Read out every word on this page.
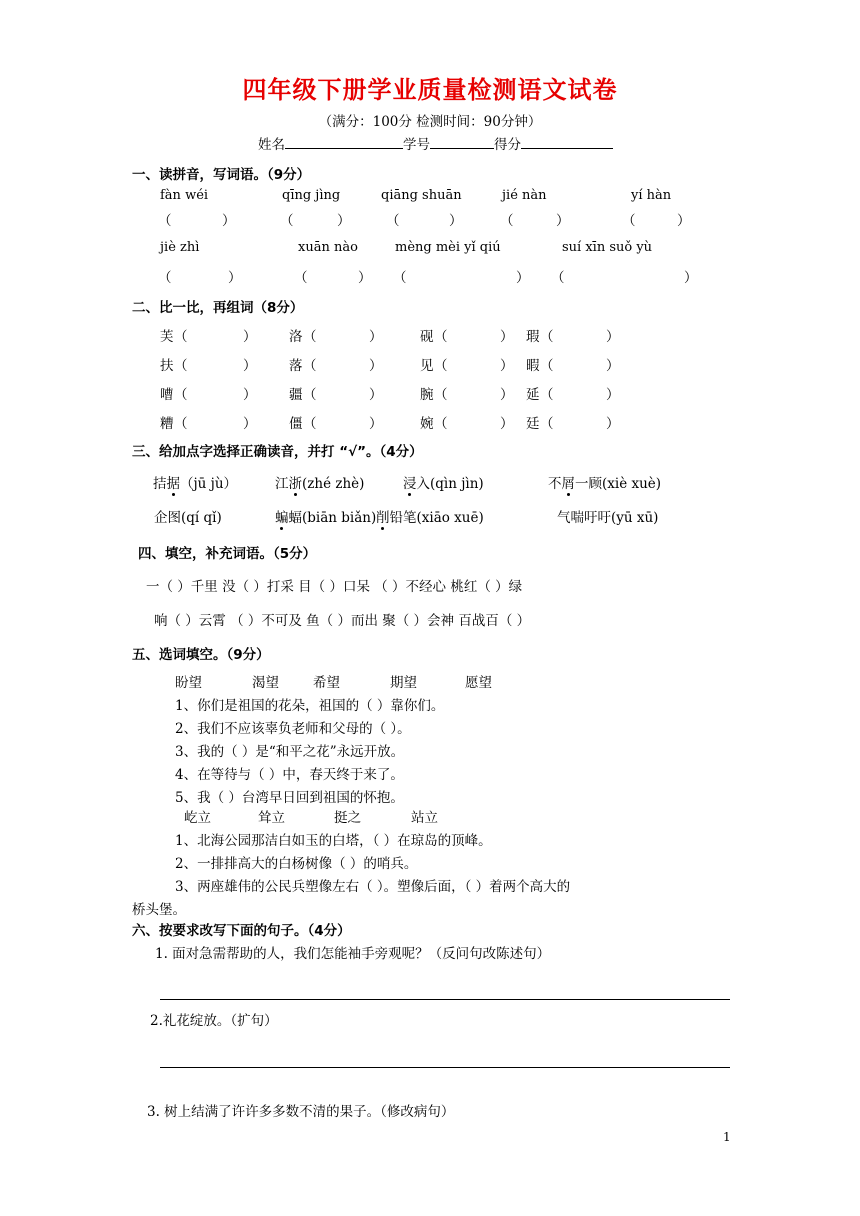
四年级下册学业质量检测语文试卷
（满分：100分 检测时间：90分钟）
姓名	学号	得分
一、读拼音，写词语。（9分）
fàn wéi	qīng jìng	qiāng shuān	jié nàn	yí hàn
（	）	（	）	（	）	（	）	（	）
jiè zhì	xuān nào	mèng mèi yǐ qiú	suí xīn suǒ yù
（	）	（	） （	） （	）
二、比一比，再组词（8分）
芙 （	） 洛 （	）	砚 （	） 瑕 （	）
扶 （	） 落 （	）	见 （	） 暇 （	）
嘈 （	） 疆 （	）	腕 （	） 延 （	）
糟 （	） 僵 （	）	婉 （	） 廷 （	）
三、给加点字选择正确读音，并打 “√”。（4分）
拮据（jū jù）	江浙(zhé zhè)	浸入(qìn jìn)	不屑一顾(xiè xuè)
企图(qí qǐ)	蝙蝠(biān biǎn) 削铅笔(xiāo xuē)	气喘吁吁(yū xū)
四、填空，补充词语。（5分）
一（ ）千里 没（ ）打采 目（ ）口呆 （ ）不经心 桃红（ ）绿
响（ ）云霄 （ ）不可及 鱼（ ）而出 聚（ ）会神 百战百（ ）
五、选词填空。（9分）
盼望	渴望	希望	期望	愿望
1、你们是祖国的花朵，祖国的（ ）靠你们。
2、我们不应该辜负老师和父母的（ ）。
3、我的（ ）是“和平之花”永远开放。
4、在等待与（ ）中，春天终于来了。
5、我（ ）台湾早日回到祖国的怀抱。
屹立	耸立	挺之	站立
1、北海公园那洁白如玉的白塔，（ ）在琼岛的顶峰。
2、一排排高大的白杨树像（ ）的哨兵。
3、两座雄伟的公民兵塑像左右（ ）。塑像后面，（ ）着两个高大的
桥头堡。
六、按要求改写下面的句子。（4分）
1. 面对急需帮助的人，我们怎能袖手旁观呢？（反问句改陈述句）
2.礼花绽放。（扩句）
3. 树上结满了许许多多数不清的果子。（修改病句）
1
